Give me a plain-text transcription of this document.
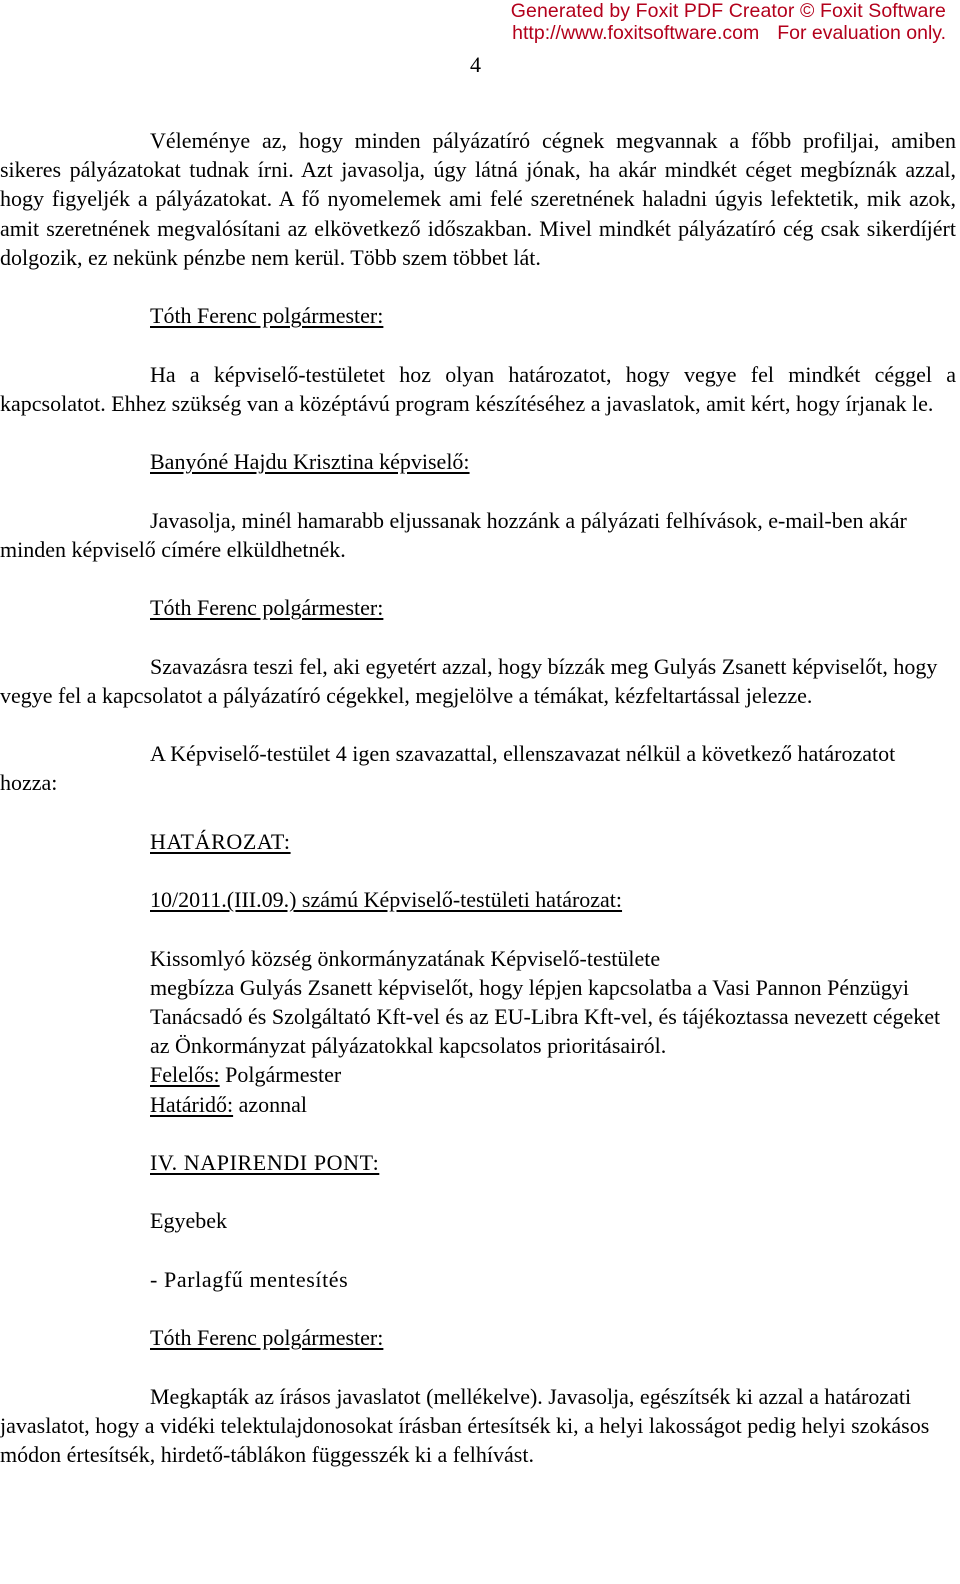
Generated by Foxit PDF Creator © Foxit Software
http://www.foxitsoftware.com For evaluation only.
4

Véleménye az, hogy minden pályázatíró cégnek megvannak a főbb profiljai, amiben sikeres pályázatokat tudnak írni. Azt javasolja, úgy látná jónak, ha akár mindkét céget megbíznák azzal, hogy figyeljék a pályázatokat. A fő nyomelemek ami felé szeretnének haladni úgyis lefektetik, mik azok, amit szeretnének megvalósítani az elkövetkező időszakban. Mivel mindkét pályázatíró cég csak sikerdíjért dolgozik, ez nekünk pénzbe nem kerül. Több szem többet lát.

Tóth Ferenc polgármester:

Ha a képviselő-testületet hoz olyan határozatot, hogy vegye fel mindkét céggel a kapcsolatot. Ehhez szükség van a középtávú program készítéséhez a javaslatok, amit kért, hogy írjanak le.

Banyóné Hajdu Krisztina képviselő:

Javasolja, minél hamarabb eljussanak hozzánk a pályázati felhívások, e-mail-ben akár minden képviselő címére elküldhetnék.

Tóth Ferenc polgármester:

Szavazásra teszi fel, aki egyetért azzal, hogy bízzák meg Gulyás Zsanett képviselőt, hogy vegye fel a kapcsolatot a pályázatíró cégekkel, megjelölve a témákat, kézfeltartással jelezze.

A Képviselő-testület 4 igen szavazattal, ellenszavazat nélkül a következő határozatot hozza:

HATÁROZAT:

10/2011.(III.09.) számú Képviselő-testületi határozat:

Kissomlyó község önkormányzatának Képviselő-testülete

megbízza Gulyás Zsanett képviselőt, hogy lépjen kapcsolatba a Vasi Pannon Pénzügyi Tanácsadó és Szolgáltató Kft-vel és az EU-Libra Kft-vel, és tájékoztassa nevezett cégeket az Önkormányzat pályázatokkal kapcsolatos prioritásairól.

Felelős: Polgármester

Határidő: azonnal

IV. NAPIRENDI PONT:

Egyebek

- Parlagfű mentesítés

Tóth Ferenc polgármester:

Megkapták az írásos javaslatot (mellékelve). Javasolja, egészítsék ki azzal a határozati javaslatot, hogy a vidéki telektulajdonosokat írásban értesítsék ki, a helyi lakosságot pedig helyi szokásos módon értesítsék, hirdető-táblákon függesszék ki a felhívást.
